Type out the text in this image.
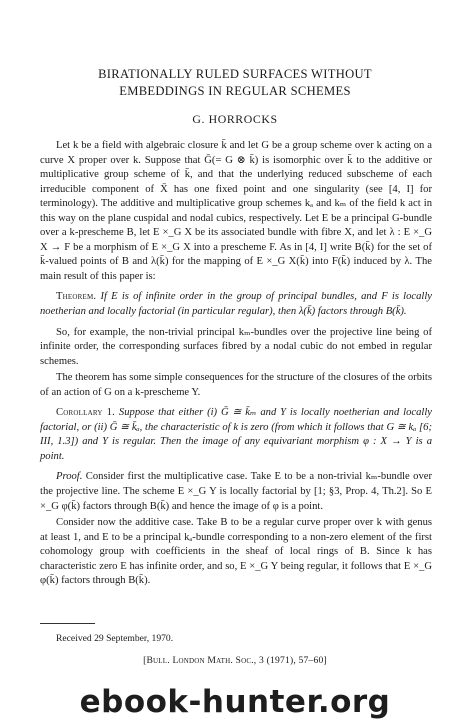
BIRATIONALLY RULED SURFACES WITHOUT
EMBEDDINGS IN REGULAR SCHEMES
G. HORROCKS

Let k be a field with algebraic closure k̄ and let G be a group scheme over k acting on a curve X proper over k. Suppose that Ḡ(= G ⊗ k̄) is isomorphic over k̄ to the additive or multiplicative group scheme of k̄, and that the underlying reduced subscheme of each irreducible component of X̄ has one fixed point and one singularity (see [4, I] for terminology). The additive and multiplicative group schemes kₐ and kₘ of the field k act in this way on the plane cuspidal and nodal cubics, respectively. Let E be a principal G-bundle over a k-prescheme B, let E ×_G X be its associated bundle with fibre X, and let λ : E ×_G X → F be a morphism of E ×_G X into a prescheme F. As in [4, I] write B(k̄) for the set of k̄-valued points of B and λ(k̄) for the mapping of E ×_G X(k̄) into F(k̄) induced by λ. The main result of this paper is:

Theorem. If E is of infinite order in the group of principal bundles, and F is locally noetherian and locally factorial (in particular regular), then λ(k̄) factors through B(k̄).

So, for example, the non-trivial principal kₘ-bundles over the projective line being of infinite order, the corresponding surfaces fibred by a nodal cubic do not embed in regular schemes.

The theorem has some simple consequences for the structure of the closures of the orbits of an action of G on a k-prescheme Y.

Corollary 1. Suppose that either (i) Ḡ ≅ k̄ₘ and Y is locally noetherian and locally factorial, or (ii) Ḡ ≅ k̄ₐ, the characteristic of k is zero (from which it follows that G ≅ kₐ [6; III, 1.3]) and Y is regular. Then the image of any equivariant morphism φ : X → Y is a point.

Proof. Consider first the multiplicative case. Take E to be a non-trivial kₘ-bundle over the projective line. The scheme E ×_G Y is locally factorial by [1; §3, Prop. 4, Th.2]. So E ×_G φ(k̄) factors through B(k̄) and hence the image of φ is a point.

Consider now the additive case. Take B to be a regular curve proper over k with genus at least 1, and E to be a principal kₐ-bundle corresponding to a non-zero element of the first cohomology group with coefficients in the sheaf of local rings of B. Since k has characteristic zero E has infinite order, and so, E ×_G Y being regular, it follows that E ×_G φ(k̄) factors through B(k̄).

Received 29 September, 1970.
[Bull. London Math. Soc., 3 (1971), 57–60]
ebook-hunter.org
